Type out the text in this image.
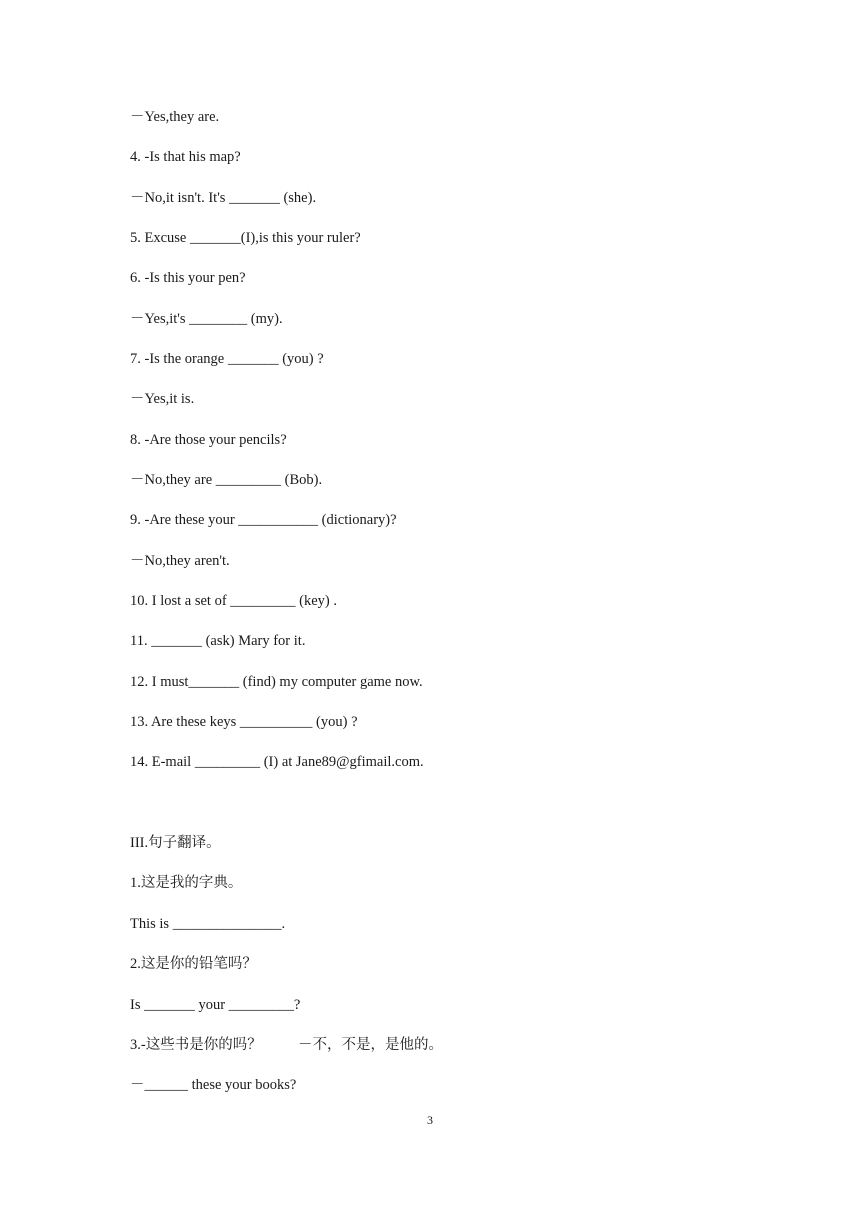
－Yes,they are.
4. -Is that his map?
－No,it isn't. It's _______ (she).
5. Excuse _______(I),is this your ruler?
6. -Is this your pen?
－Yes,it's ________ (my).
7. -Is the orange _______ (you) ?
－Yes,it is.
8. -Are those your pencils?
－No,they are _________ (Bob).
9. -Are these your ___________ (dictionary)?
－No,they aren't.
10. I lost a set of _________ (key) .
11. _______ (ask) Mary for it.
12. I must_______ (find) my computer game now.
13. Are these keys __________ (you) ?
14. E-mail _________ (I) at Jane89@gfimail.com.
III.句子翻译。
1.这是我的字典。
This is _______________.
2.这是你的铅笔吗？
Is _______ your _________?
3.-这些书是你的吗？          －不，不是，是他的。
－______ these your books?
3
